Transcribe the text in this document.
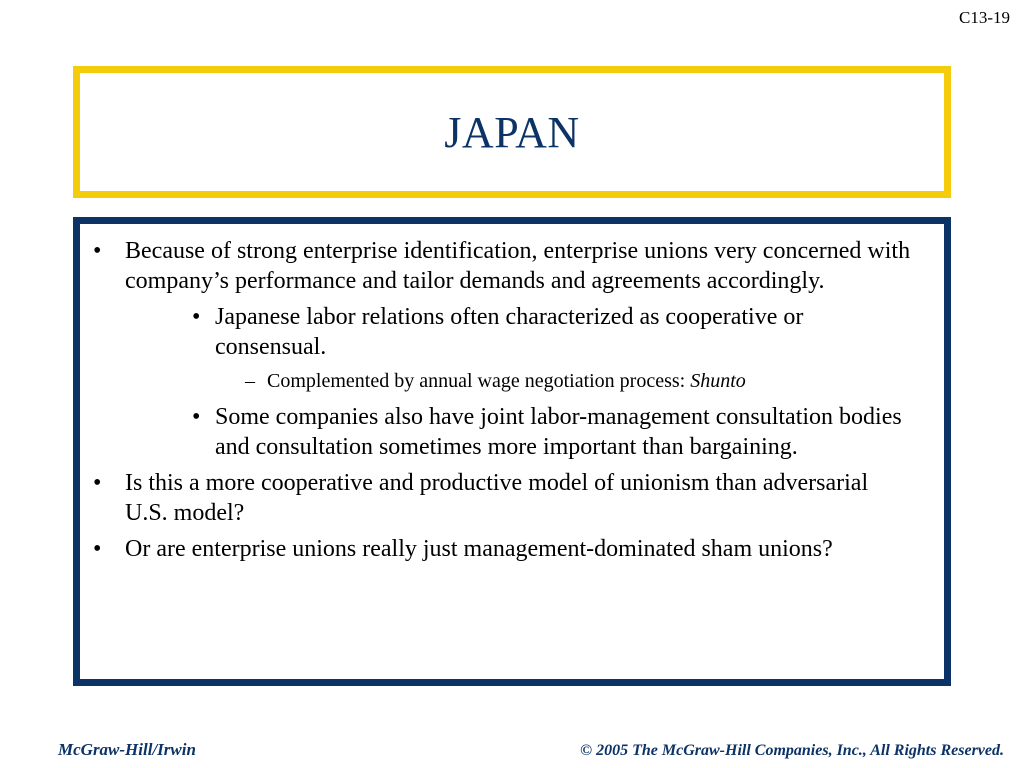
C13-19
JAPAN
• Because of strong enterprise identification, enterprise unions very concerned with company’s performance and tailor demands and agreements accordingly.
• Japanese labor relations often characterized as cooperative or consensual.
– Complemented by annual wage negotiation process: Shunto
• Some companies also have joint labor-management consultation bodies and consultation sometimes more important than bargaining.
• Is this a more cooperative and productive model of unionism than adversarial U.S. model?
• Or are enterprise unions really just management-dominated sham unions?
McGraw-Hill/Irwin	© 2005 The McGraw-Hill Companies, Inc., All Rights Reserved.
